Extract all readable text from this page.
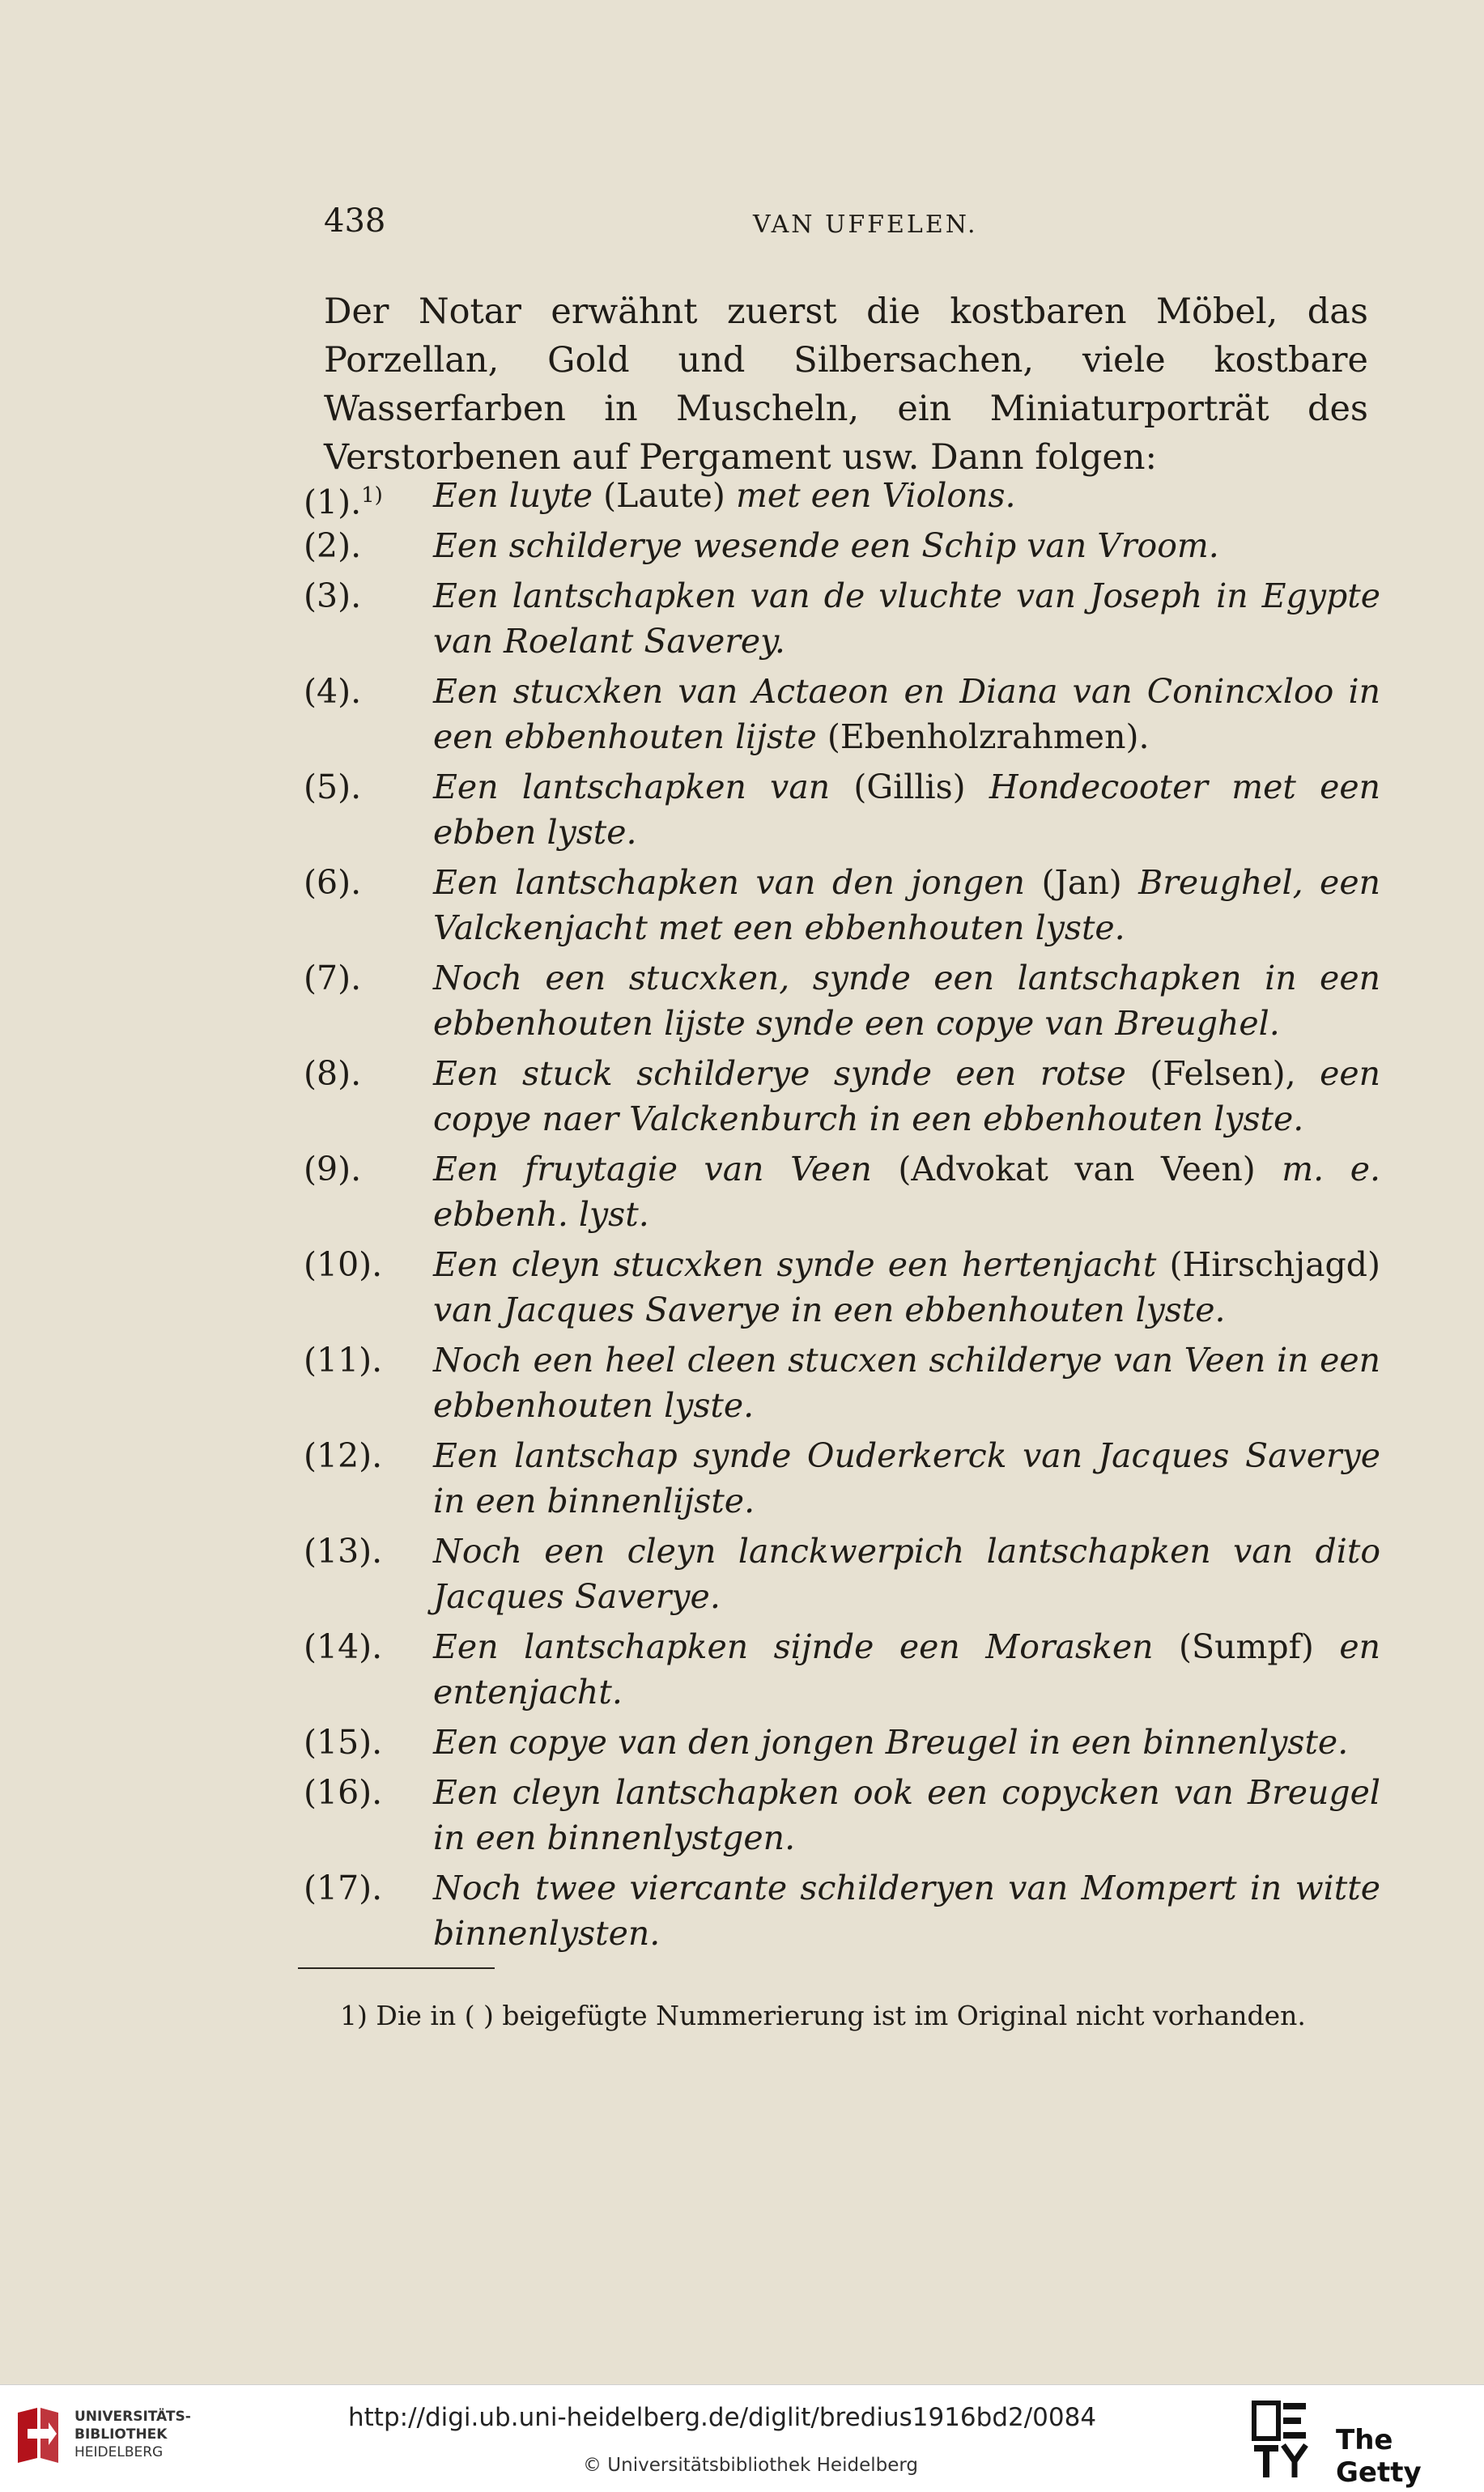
438	VAN UFFELEN.

Der Notar erwähnt zuerst die kostbaren Möbel, das Porzellan, Gold und Silbersachen, viele kostbare Wasserfarben in Muscheln, ein Miniaturporträt des Verstorbenen auf Pergament usw. Dann folgen:

(1).$^{1)}$	Een luyte (Laute) met een Violons.
(2).	Een schilderye wesende een Schip van Vroom.
(3).	Een lantschapken van de vluchte van Joseph in Egypte van Roelant Saverey.
(4).	Een stucxken van Actaeon en Diana van Conincxloo in een ebbenhouten lijste (Ebenholzrahmen).
(5).	Een lantschapken van (Gillis) Hondecooter met een ebben lyste.
(6).	Een lantschapken van den jongen (Jan) Breughel, een Valckenjacht met een ebbenhouten lyste.
(7).	Noch een stucxken, synde een lantschapken in een ebbenhouten lijste synde een copye van Breughel.
(8).	Een stuck schilderye synde een rotse (Felsen), een copye naer Valckenburch in een ebbenhouten lyste.
(9).	Een fruytagie van Veen (Advokat van Veen) m. e. ebbenh. lyst.
(10).	Een cleyn stucxken synde een hertenjacht (Hirschjagd) van Jacques Saverye in een ebbenhouten lyste.
(11).	Noch een heel cleen stucxen schilderye van Veen in een ebbenhouten lyste.
(12).	Een lantschap synde Ouderkerck van Jacques Saverye in een binnenlijste.
(13).	Noch een cleyn lanckwerpich lantschapken van dito Jacques Saverye.
(14).	Een lantschapken sijnde een Morasken (Sumpf) en entenjacht.
(15).	Een copye van den jongen Breugel in een binnenlyste.
(16).	Een cleyn lantschapken ook een copycken van Breugel in een binnenlystgen.
(17).	Noch twee viercante schilderyen van Mompert in witte binnenlysten.
1) Die in ( ) beigefügte Nummerierung ist im Original nicht vorhanden.
UNIVERSITÄTS-
BIBLIOTHEK
HEIDELBERG
http://digi.ub.uni-heidelberg.de/diglit/bredius1916bd2/0084
© Universitätsbibliothek Heidelberg
The Getty
